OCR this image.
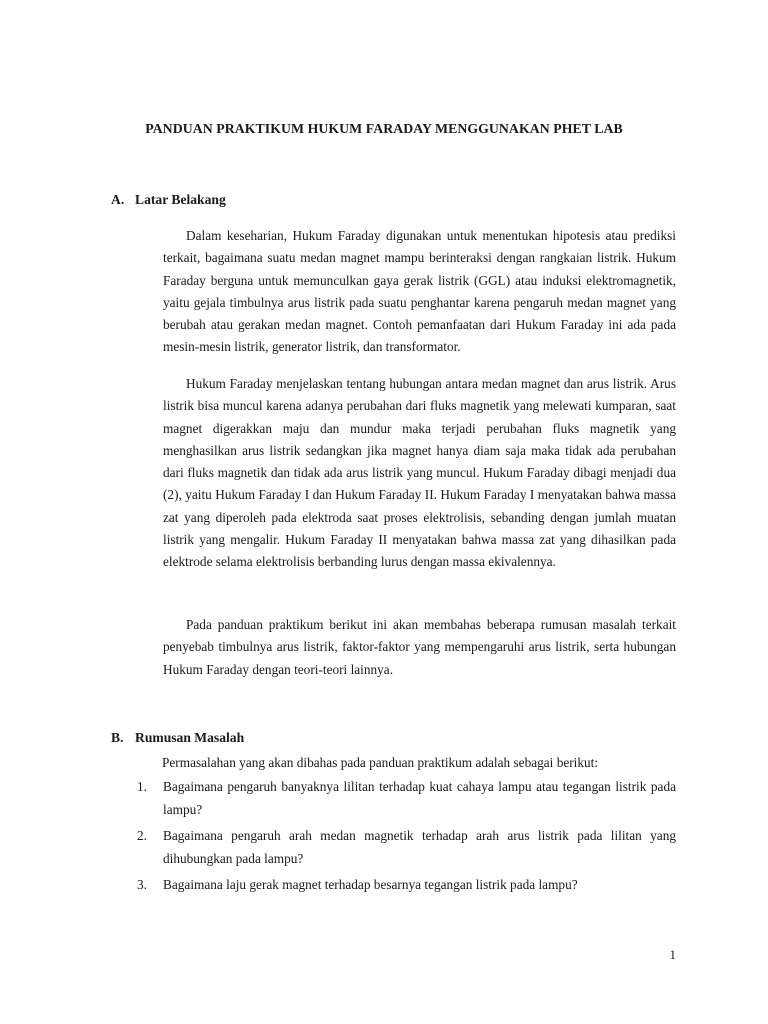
PANDUAN PRAKTIKUM HUKUM FARADAY MENGGUNAKAN PHET LAB
A. Latar Belakang

Dalam keseharian, Hukum Faraday digunakan untuk menentukan hipotesis atau prediksi terkait, bagaimana suatu medan magnet mampu berinteraksi dengan rangkaian listrik. Hukum Faraday berguna untuk memunculkan gaya gerak listrik (GGL) atau induksi elektromagnetik, yaitu gejala timbulnya arus listrik pada suatu penghantar karena pengaruh medan magnet yang berubah atau gerakan medan magnet. Contoh pemanfaatan dari Hukum Faraday ini ada pada mesin-mesin listrik, generator listrik, dan transformator.

Hukum Faraday menjelaskan tentang hubungan antara medan magnet dan arus listrik. Arus listrik bisa muncul karena adanya perubahan dari fluks magnetik yang melewati kumparan, saat magnet digerakkan maju dan mundur maka terjadi perubahan fluks magnetik yang menghasilkan arus listrik sedangkan jika magnet hanya diam saja maka tidak ada perubahan dari fluks magnetik dan tidak ada arus listrik yang muncul. Hukum Faraday dibagi menjadi dua (2), yaitu Hukum Faraday I dan Hukum Faraday II. Hukum Faraday I menyatakan bahwa massa zat yang diperoleh pada elektroda saat proses elektrolisis, sebanding dengan jumlah muatan listrik yang mengalir. Hukum Faraday II menyatakan bahwa massa zat yang dihasilkan pada elektrode selama elektrolisis berbanding lurus dengan massa ekivalennya.

Pada panduan praktikum berikut ini akan membahas beberapa rumusan masalah terkait penyebab timbulnya arus listrik, faktor-faktor yang mempengaruhi arus listrik, serta hubungan Hukum Faraday dengan teori-teori lainnya.

B. Rumusan Masalah

Permasalahan yang akan dibahas pada panduan praktikum adalah sebagai berikut:

1. Bagaimana pengaruh banyaknya lilitan terhadap kuat cahaya lampu atau tegangan listrik pada lampu?
2. Bagaimana pengaruh arah medan magnetik terhadap arah arus listrik pada lilitan yang dihubungkan pada lampu?
3. Bagaimana laju gerak magnet terhadap besarnya tegangan listrik pada lampu?
1
